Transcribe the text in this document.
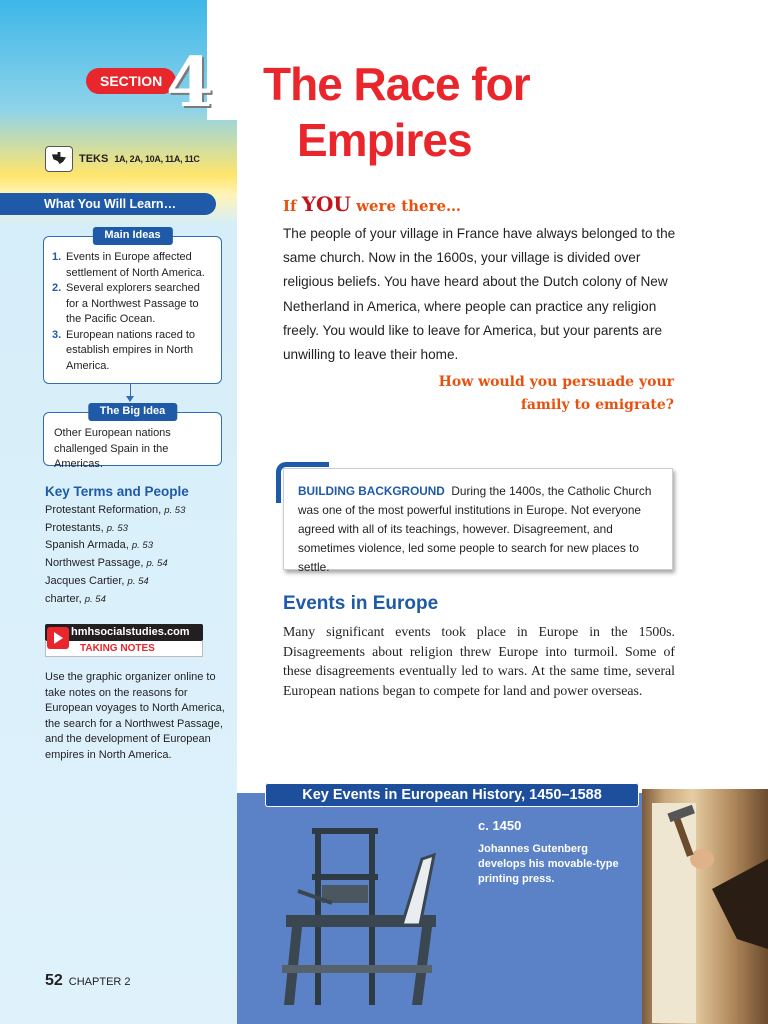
SECTION 4 The Race for
Empires
TEKS 1A, 2A, 10A, 11A, 11C
What You Will Learn…
Main Ideas
1. Events in Europe affected settlement of North America.
2. Several explorers searched for a Northwest Passage to the Pacific Ocean.
3. European nations raced to establish empires in North America.
The Big Idea
Other European nations challenged Spain in the Americas.
Key Terms and People
Protestant Reformation, p. 53
Protestants, p. 53
Spanish Armada, p. 53
Northwest Passage, p. 54
Jacques Cartier, p. 54
charter, p. 54
hmhsocialstudies.com
TAKING NOTES
Use the graphic organizer online to take notes on the reasons for European voyages to North America, the search for a Northwest Passage, and the development of European empires in North America.
52 CHAPTER 2
If YOU were there…
The people of your village in France have always belonged to the same church. Now in the 1600s, your village is divided over religious beliefs. You have heard about the Dutch colony of New Netherland in America, where people can practice any religion freely. You would like to leave for America, but your parents are unwilling to leave their home.
How would you persuade your family to emigrate?
BUILDING BACKGROUND During the 1400s, the Catholic Church was one of the most powerful institutions in Europe. Not everyone agreed with all of its teachings, however. Disagreement, and sometimes violence, led some people to search for new places to settle.
Events in Europe
Many significant events took place in Europe in the 1500s. Disagreements about religion threw Europe into turmoil. Some of these disagreements eventually led to wars. At the same time, several European nations began to compete for land and power overseas.
Key Events in European History, 1450–1588
c. 1450
Johannes Gutenberg develops his movable-type printing press.
